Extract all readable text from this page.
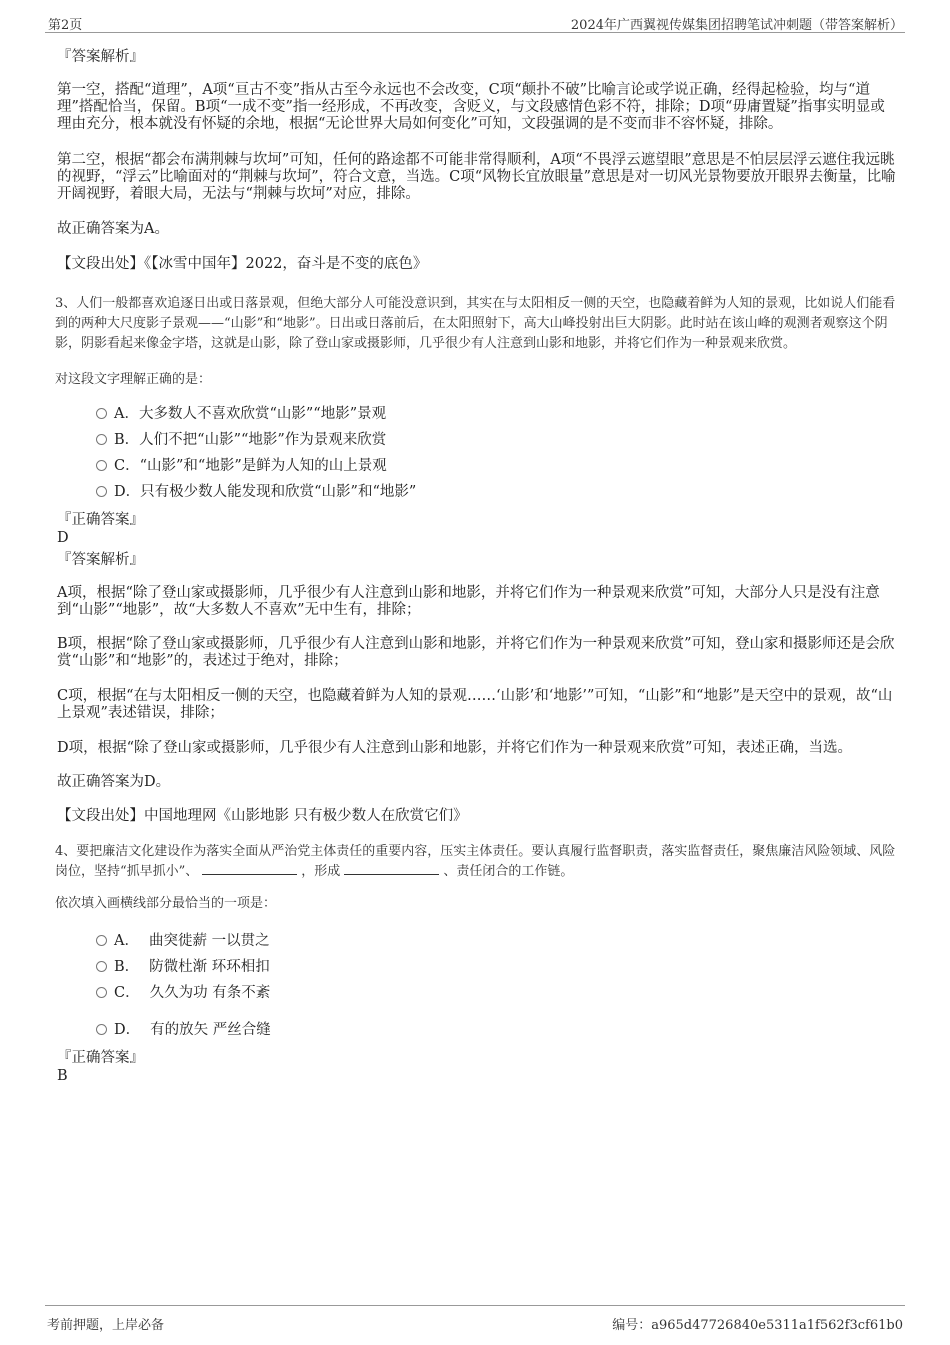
第2页	2024年广西翼视传媒集团招聘笔试冲刺题（带答案解析）
『答案解析』
第一空，搭配“道理”，A项“亘古不变”指从古至今永远也不会改变，C项“颠扑不破”比喻言论或学说正确，经得起检验，均与“道理”搭配恰当，保留。B项“一成不变”指一经形成，不再改变，含贬义，与文段感情色彩不符，排除；D项“毋庸置疑”指事实明显或理由充分，根本就没有怀疑的余地，根据“无论世界大局如何变化”可知，文段强调的是不变而非不容怀疑，排除。
第二空，根据“都会布满荆棘与坎坷”可知，任何的路途都不可能非常得顺利，A项“不畏浮云遮望眼”意思是不怕层层浮云遮住我远眺的视野，“浮云”比喻面对的“荆棘与坎坷”，符合文意，当选。C项“风物长宜放眼量”意思是对一切风光景物要放开眼界去衡量，比喻开阔视野，着眼大局，无法与“荆棘与坎坷”对应，排除。
故正确答案为A。
【文段出处】《【冰雪中国年】2022，奋斗是不变的底色》
3、人们一般都喜欢追逐日出或日落景观，但绝大部分人可能没意识到，其实在与太阳相反一侧的天空，也隐藏着鲜为人知的景观，比如说人们能看到的两种大尺度影子景观——“山影”和“地影”。日出或日落前后，在太阳照射下，高大山峰投射出巨大阴影。此时站在该山峰的观测者观察这个阴影，阴影看起来像金字塔，这就是山影，除了登山家或摄影师，几乎很少有人注意到山影和地影，并将它们作为一种景观来欣赏。
对这段文字理解正确的是：
A．大多数人不喜欢欣赏“山影”“地影”景观
B．人们不把“山影”“地影”作为景观来欣赏
C．“山影”和“地影”是鲜为人知的山上景观
D．只有极少数人能发现和欣赏“山影”和“地影”
『正确答案』
D
『答案解析』
A项，根据“除了登山家或摄影师，几乎很少有人注意到山影和地影，并将它们作为一种景观来欣赏”可知，大部分人只是没有注意到“山影”“地影”，故“大多数人不喜欢”无中生有，排除；
B项，根据“除了登山家或摄影师，几乎很少有人注意到山影和地影，并将它们作为一种景观来欣赏”可知，登山家和摄影师还是会欣赏“山影”和“地影”的，表述过于绝对，排除；
C项，根据“在与太阳相反一侧的天空，也隐藏着鲜为人知的景观……‘山影’和‘地影’”可知，“山影”和“地影”是天空中的景观，故“山上景观”表述错误，排除；
D项，根据“除了登山家或摄影师，几乎很少有人注意到山影和地影，并将它们作为一种景观来欣赏”可知，表述正确，当选。
故正确答案为D。
【文段出处】中国地理网《山影地影 只有极少数人在欣赏它们》
4、要把廉洁文化建设作为落实全面从严治党主体责任的重要内容，压实主体责任。要认真履行监督职责，落实监督责任，聚焦廉洁风险领域、风险岗位，坚持“抓早抓小”、	，形成	、责任闭合的工作链。
依次填入画横线部分最恰当的一项是：
A． 曲突徙薪 一以贯之
B． 防微杜渐 环环相扣
C． 久久为功 有条不紊
D． 有的放矢 严丝合缝
『正确答案』
B
考前押题，上岸必备	编号：a965d47726840e5311a1f562f3cf61b0
